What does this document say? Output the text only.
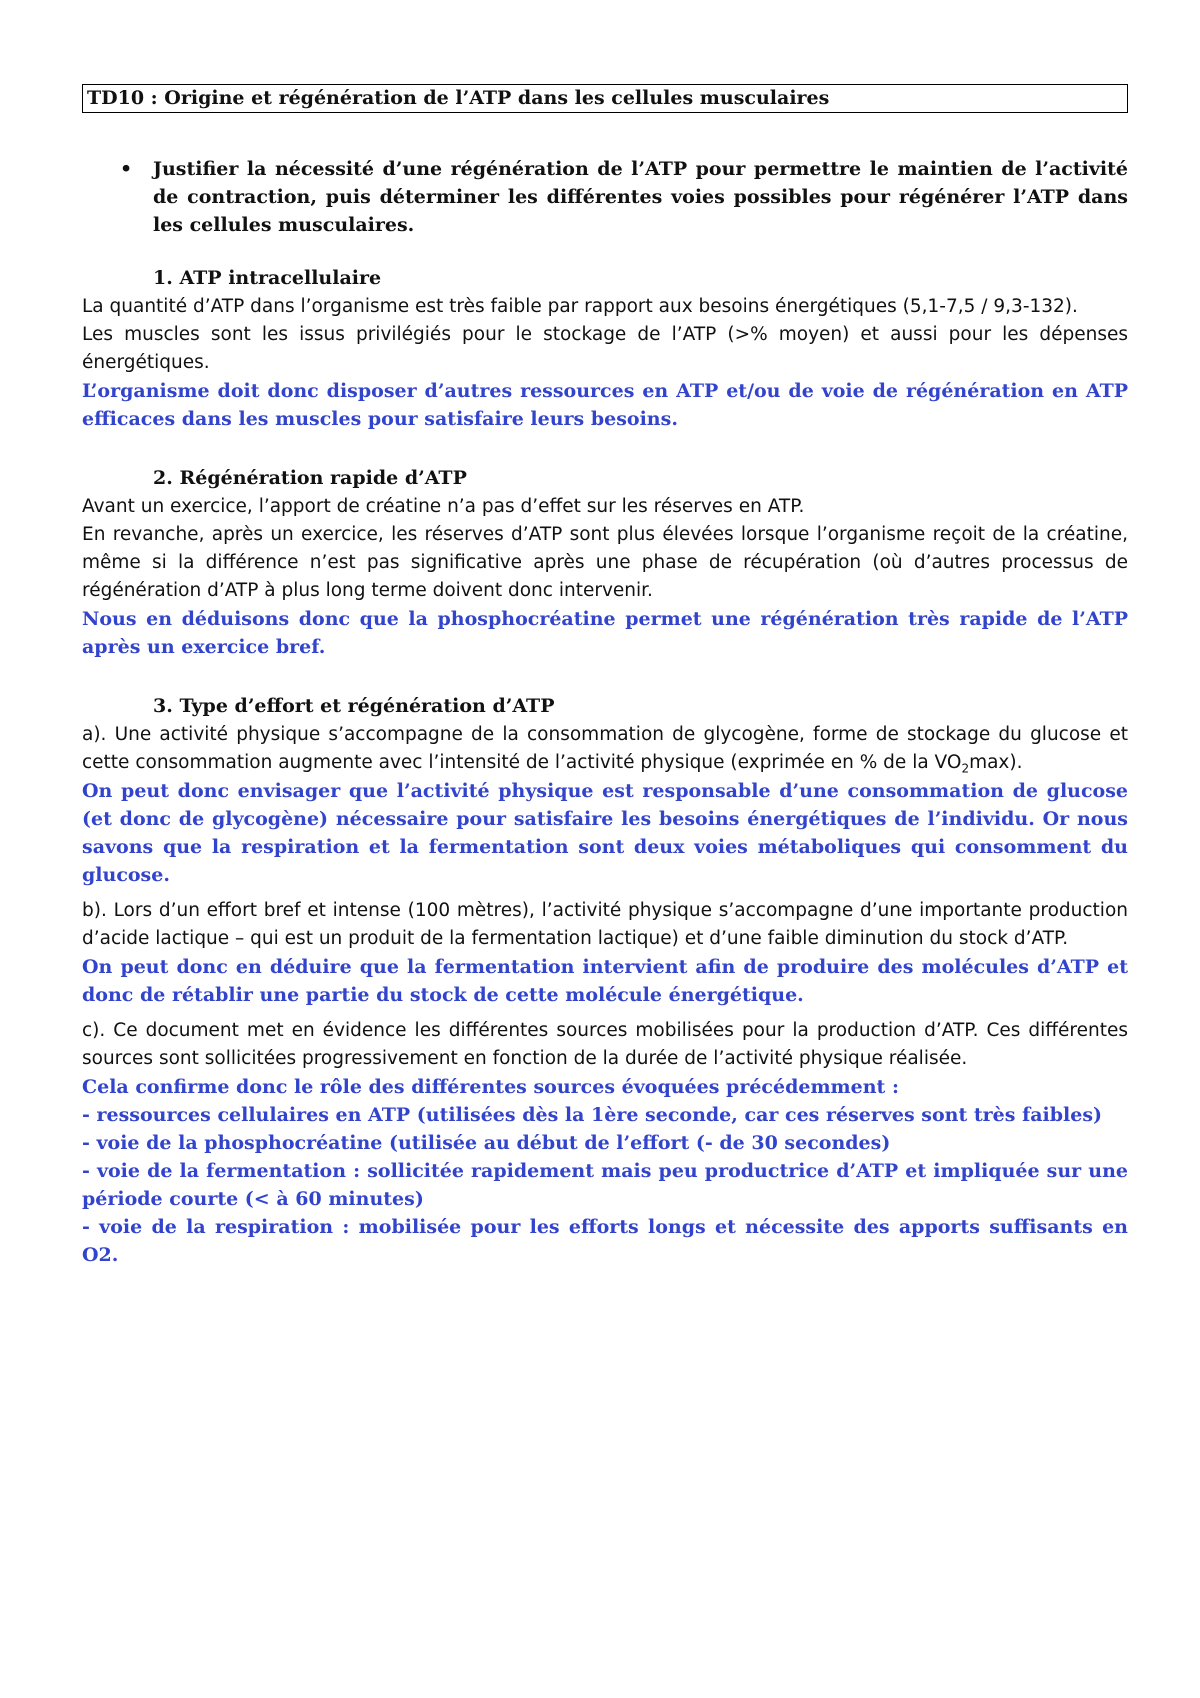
TD10 : Origine et régénération de l’ATP dans les cellules musculaires
• Justifier la nécessité d’une régénération de l’ATP pour permettre le maintien de l’activité de contraction, puis déterminer les différentes voies possibles pour régénérer l’ATP dans les cellules musculaires.
1. ATP intracellulaire

La quantité d’ATP dans l’organisme est très faible par rapport aux besoins énergétiques (5,1-7,5 / 9,3-132).

Les muscles sont les issus privilégiés pour le stockage de l’ATP (>% moyen) et aussi pour les dépenses énergétiques.

L’organisme doit donc disposer d’autres ressources en ATP et/ou de voie de régénération en ATP efficaces dans les muscles pour satisfaire leurs besoins.

2. Régénération rapide d’ATP

Avant un exercice, l’apport de créatine n’a pas d’effet sur les réserves en ATP.

En revanche, après un exercice, les réserves d’ATP sont plus élevées lorsque l’organisme reçoit de la créatine, même si la différence n’est pas significative après une phase de récupération (où d’autres processus de régénération d’ATP à plus long terme doivent donc intervenir.

Nous en déduisons donc que la phosphocréatine permet une régénération très rapide de l’ATP après un exercice bref.

3. Type d’effort et régénération d’ATP

a). Une activité physique s’accompagne de la consommation de glycogène, forme de stockage du glucose et cette consommation augmente avec l’intensité de l’activité physique (exprimée en % de la $VO_2\max$).

On peut donc envisager que l’activité physique est responsable d’une consommation de glucose (et donc de glycogène) nécessaire pour satisfaire les besoins énergétiques de l’individu. Or nous savons que la respiration et la fermentation sont deux voies métaboliques qui consomment du glucose.

b). Lors d’un effort bref et intense (100 mètres), l’activité physique s’accompagne d’une importante production d’acide lactique – qui est un produit de la fermentation lactique) et d’une faible diminution du stock d’ATP.

On peut donc en déduire que la fermentation intervient afin de produire des molécules d’ATP et donc de rétablir une partie du stock de cette molécule énergétique.

c). Ce document met en évidence les différentes sources mobilisées pour la production d’ATP. Ces différentes sources sont sollicitées progressivement en fonction de la durée de l’activité physique réalisée.

Cela confirme donc le rôle des différentes sources évoquées précédemment :

- ressources cellulaires en ATP (utilisées dès la 1ère seconde, car ces réserves sont très faibles)

- voie de la phosphocréatine (utilisée au début de l’effort (- de 30 secondes)

- voie de la fermentation : sollicitée rapidement mais peu productrice d’ATP et impliquée sur une période courte (< à 60 minutes)

- voie de la respiration : mobilisée pour les efforts longs et nécessite des apports suffisants en O2.
